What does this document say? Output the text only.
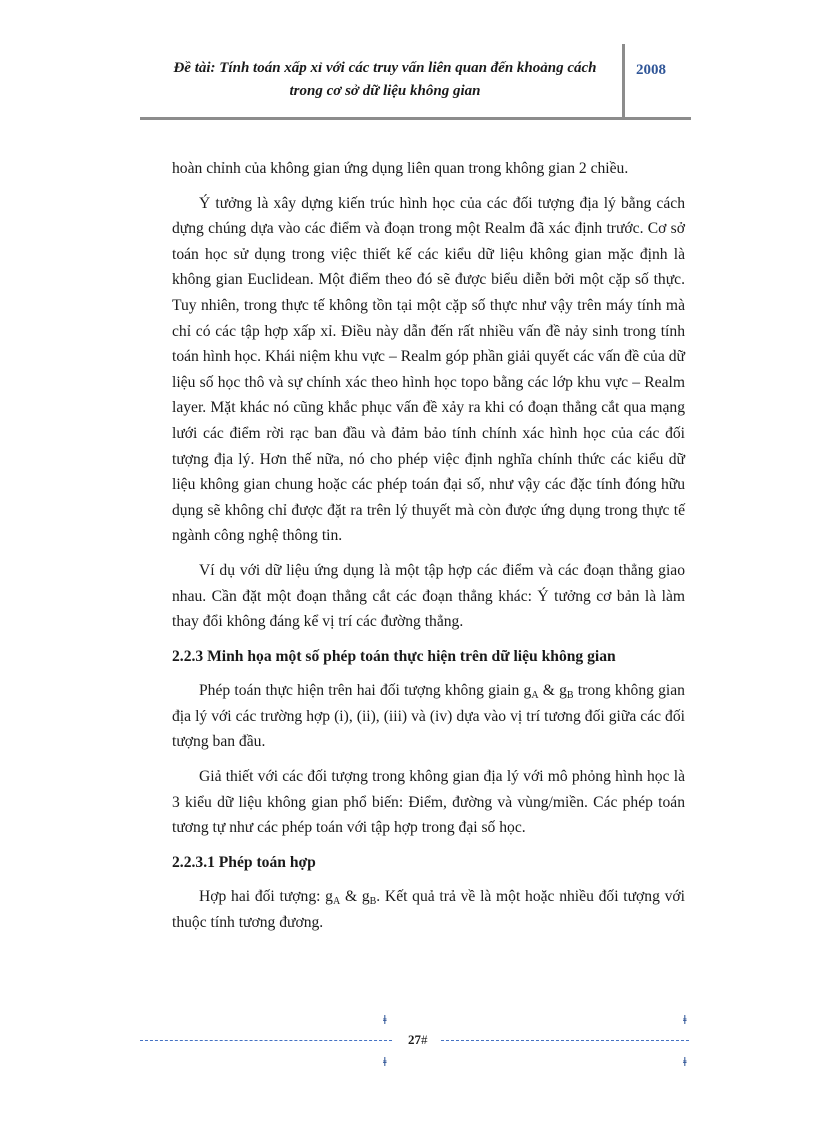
Đề tài: Tính toán xấp xỉ với các truy vấn liên quan đến khoảng cách
trong cơ sở dữ liệu không gian
2008

hoàn chỉnh của không gian ứng dụng liên quan trong không gian 2 chiều.

Ý tưởng là xây dựng kiến trúc hình học của các đối tượng địa lý bằng cách dựng chúng dựa vào các điểm và đoạn trong một Realm đã xác định trước. Cơ sở toán học sử dụng trong việc thiết kế các kiểu dữ liệu không gian mặc định là không gian Euclidean. Một điểm theo đó sẽ được biểu diễn bởi một cặp số thực. Tuy nhiên, trong thực tế không tồn tại một cặp số thực như vậy trên máy tính mà chỉ có các tập hợp xấp xỉ. Điều này dẫn đến rất nhiều vấn đề nảy sinh trong tính toán hình học. Khái niệm khu vực – Realm góp phần giải quyết các vấn đề của dữ liệu số học thô và sự chính xác theo hình học topo bằng các lớp khu vực – Realm layer. Mặt khác nó cũng khắc phục vấn đề xảy ra khi có đoạn thẳng cắt qua mạng lưới các điểm rời rạc ban đầu và đảm bảo tính chính xác hình học của các đối tượng địa lý. Hơn thế nữa, nó cho phép việc định nghĩa chính thức các kiểu dữ liệu không gian chung hoặc các phép toán đại số, như vậy các đặc tính đóng hữu dụng sẽ không chỉ được đặt ra trên lý thuyết mà còn được ứng dụng trong thực tế ngành công nghệ thông tin.

Ví dụ với dữ liệu ứng dụng là một tập hợp các điểm và các đoạn thẳng giao nhau. Cần đặt một đoạn thẳng cắt các đoạn thẳng khác: Ý tưởng cơ bản là làm thay đổi không đáng kể vị trí các đường thẳng.

2.2.3 Minh họa một số phép toán thực hiện trên dữ liệu không gian

Phép toán thực hiện trên hai đối tượng không giain $g_A$ & $g_B$ trong không gian địa lý với các trường hợp (i), (ii), (iii) và (iv) dựa vào vị trí tương đối giữa các đối tượng ban đầu.

Giả thiết với các đối tượng trong không gian địa lý với mô phỏng hình học là 3 kiểu dữ liệu không gian phổ biến: Điểm, đường và vùng/miền. Các phép toán tương tự như các phép toán với tập hợp trong đại số học.

2.2.3.1 Phép toán hợp

Hợp hai đối tượng: $g_A$ & $g_B$. Kết quả trả về là một hoặc nhiều đối tượng với thuộc tính tương đương.

ǂ	ǂ
ǂ	ǂ
27#
